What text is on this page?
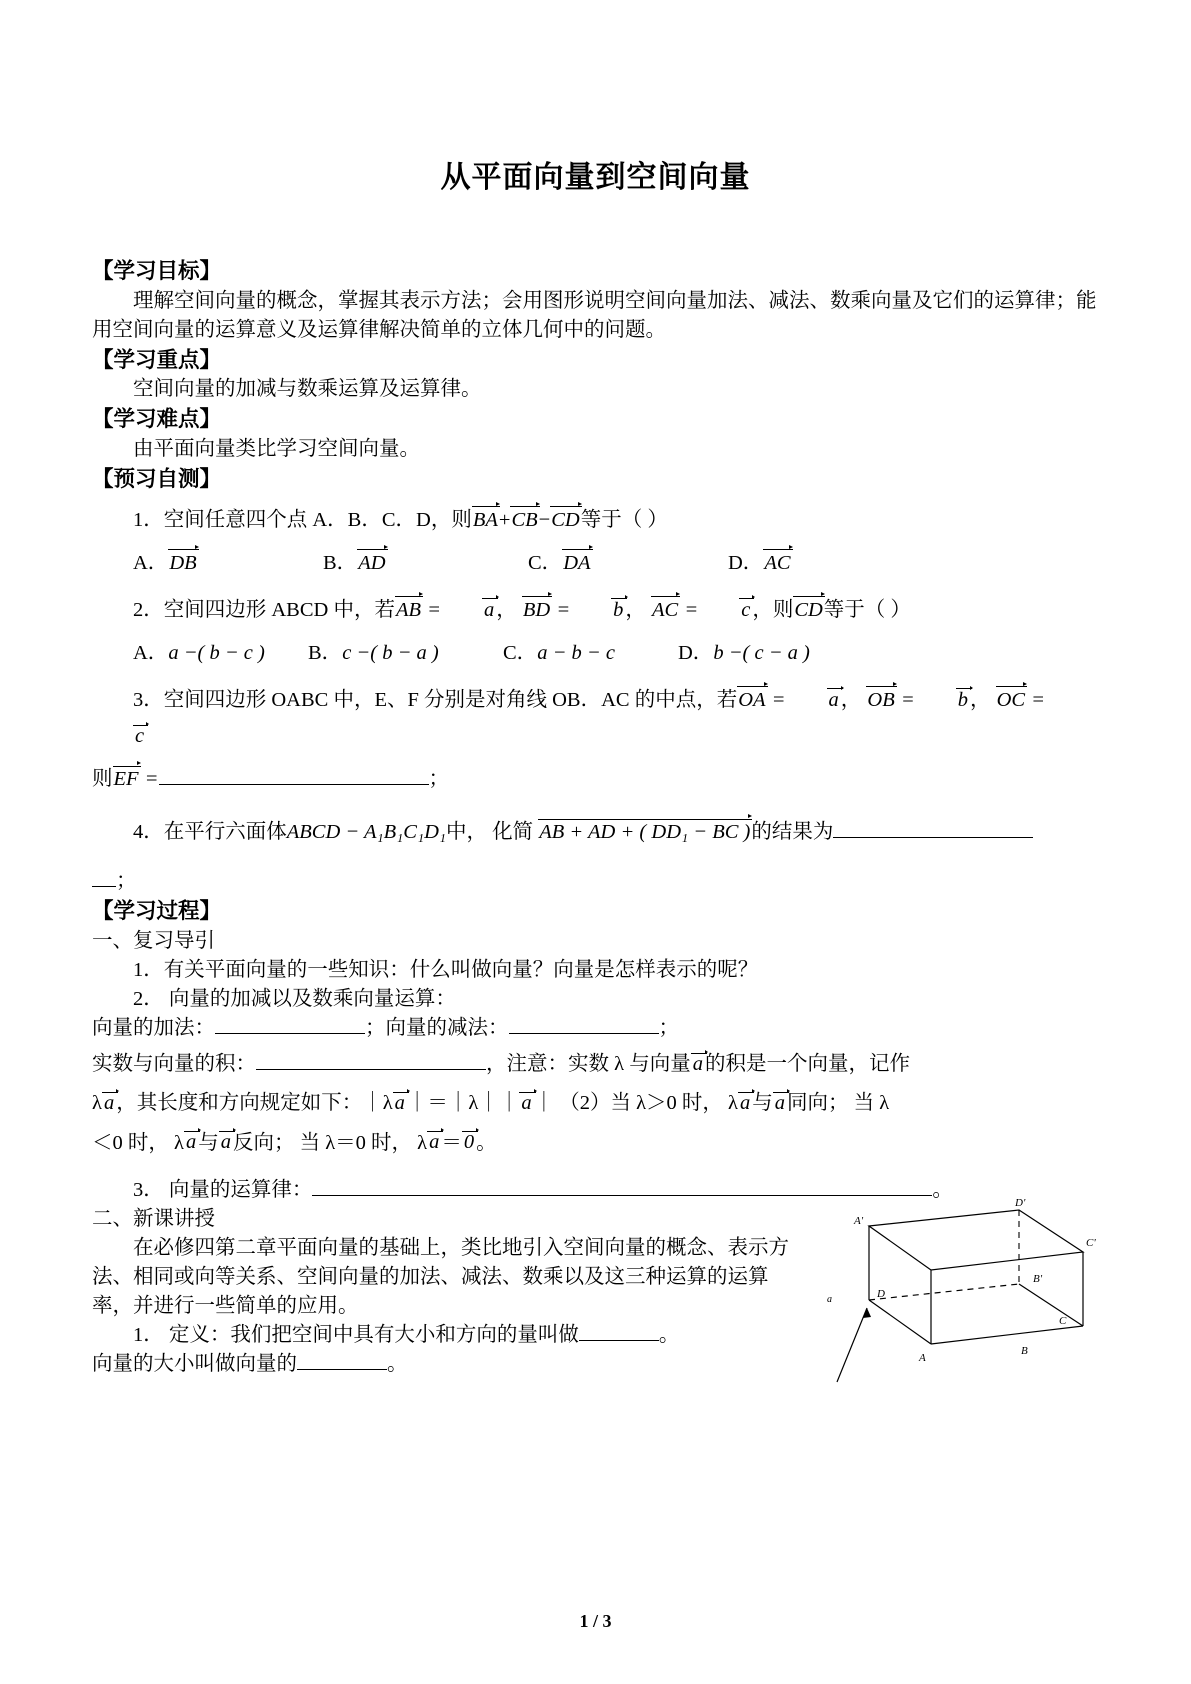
从平面向量到空间向量

【学习目标】

理解空间向量的概念，掌握其表示方法；会用图形说明空间向量加法、减法、数乘向量及它们的运算律；能用空间向量的运算意义及运算律解决简单的立体几何中的问题。

【学习重点】

空间向量的加减与数乘运算及运算律。

【学习难点】

由平面向量类比学习空间向量。

【预习自测】

1．空间任意四个点 A．B．C．D，则BA+CB−CD等于（ ）

A．DB	B．AD	C．DA	D．AC

2．空间四边形 ABCD 中，若AB = a， BD = b， AC = c，则CD等于（ ）

A．a −( b − c )	B．c −( b − a )	C．a − b − c	D．b −( c − a )

3．空间四边形 OABC 中，E、F 分别是对角线 OB．AC 的中点，若OA = a， OB = b， OC =c

则EF =	；

4．在平行六面体ABCD − A₁B₁C₁D₁中， 化简 AB + AD + ( DD₁ − BC )的结果为

；

【学习过程】

一、复习导引

1．有关平面向量的一些知识：什么叫做向量？向量是怎样表示的呢？

2． 向量的加减以及数乘向量运算：

向量的加法：	；向量的减法：	；

实数与向量的积：	，注意：实数 λ 与向量a的积是一个向量，记作

λa，其长度和方向规定如下：｜λa｜＝｜λ｜｜a｜ （2）当 λ＞0 时， λa与a同向； 当 λ

＜0 时， λa与a反向； 当 λ＝0 时， λa＝0。

3． 向量的运算律：	。

二、新课讲授

在必修四第二章平面向量的基础上，类比地引入空间向量的概念、表示方法、相同或向等关系、空间向量的加法、减法、数乘以及这三种运算的运算率，并进行一些简单的应用。

1． 定义：我们把空间中具有大小和方向的量叫做	。

向量的大小叫做向量的	。

D'
C'
A'
B'
D
C
A
B
a
1 / 3
